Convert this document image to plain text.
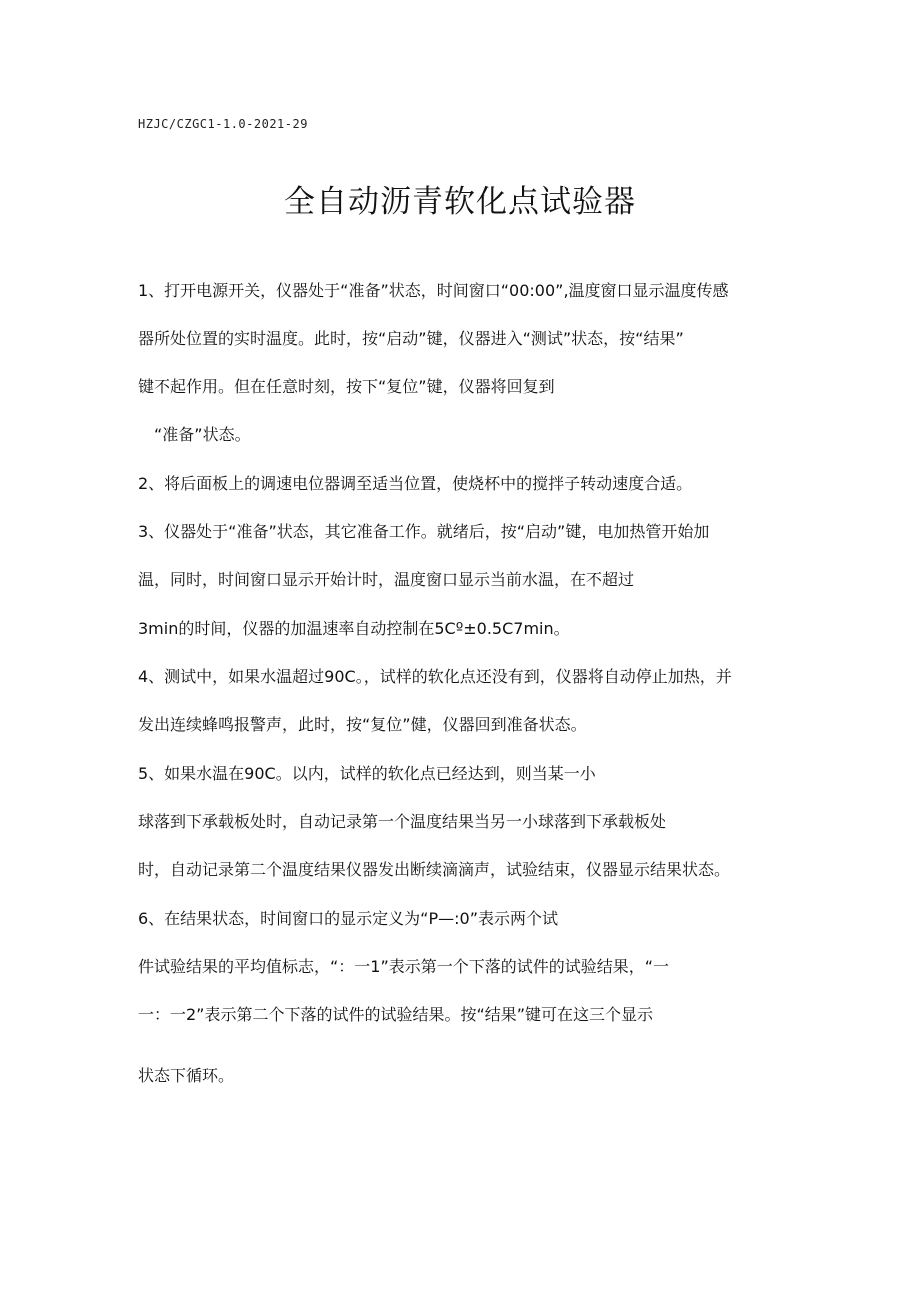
HZJC/CZGC1-1.0-2021-29
全自动沥青软化点试验器
1、打开电源开关，仪器处于“准备”状态，时间窗口“00:00”,温度窗口显示温度传感
器所处位置的实时温度。此时，按“启动”键，仪器进入“测试”状态，按“结果”
键不起作用。但在任意时刻，按下“复位”键，仪器将回复到
“准备”状态。
2、将后面板上的调速电位器调至适当位置，使烧杯中的搅拌子转动速度合适。
3、仪器处于“准备”状态，其它准备工作。就绪后，按“启动”键，电加热管开始加
温，同时，时间窗口显示开始计时，温度窗口显示当前水温，在不超过
3min的时间，仪器的加温速率自动控制在5Cº±0.5C7min。
4、测试中，如果水温超过90C。，试样的软化点还没有到，仪器将自动停止加热，并
发出连续蜂鸣报警声，此时，按“复位”健，仪器回到准备状态。
5、如果水温在90C。以内，试样的软化点已经达到，则当某一小
球落到下承载板处时，自动记录第一个温度结果当另一小球落到下承载板处
时，自动记录第二个温度结果仪器发出断续滴滴声，试验结束，仪器显示结果状态。
6、在结果状态，时间窗口的显示定义为“P—:0”表示两个试
件试验结果的平均值标志，“：一1”表示第一个下落的试件的试验结果，“一
一：一2”表示第二个下落的试件的试验结果。按“结果”键可在这三个显示
状态下循环。
